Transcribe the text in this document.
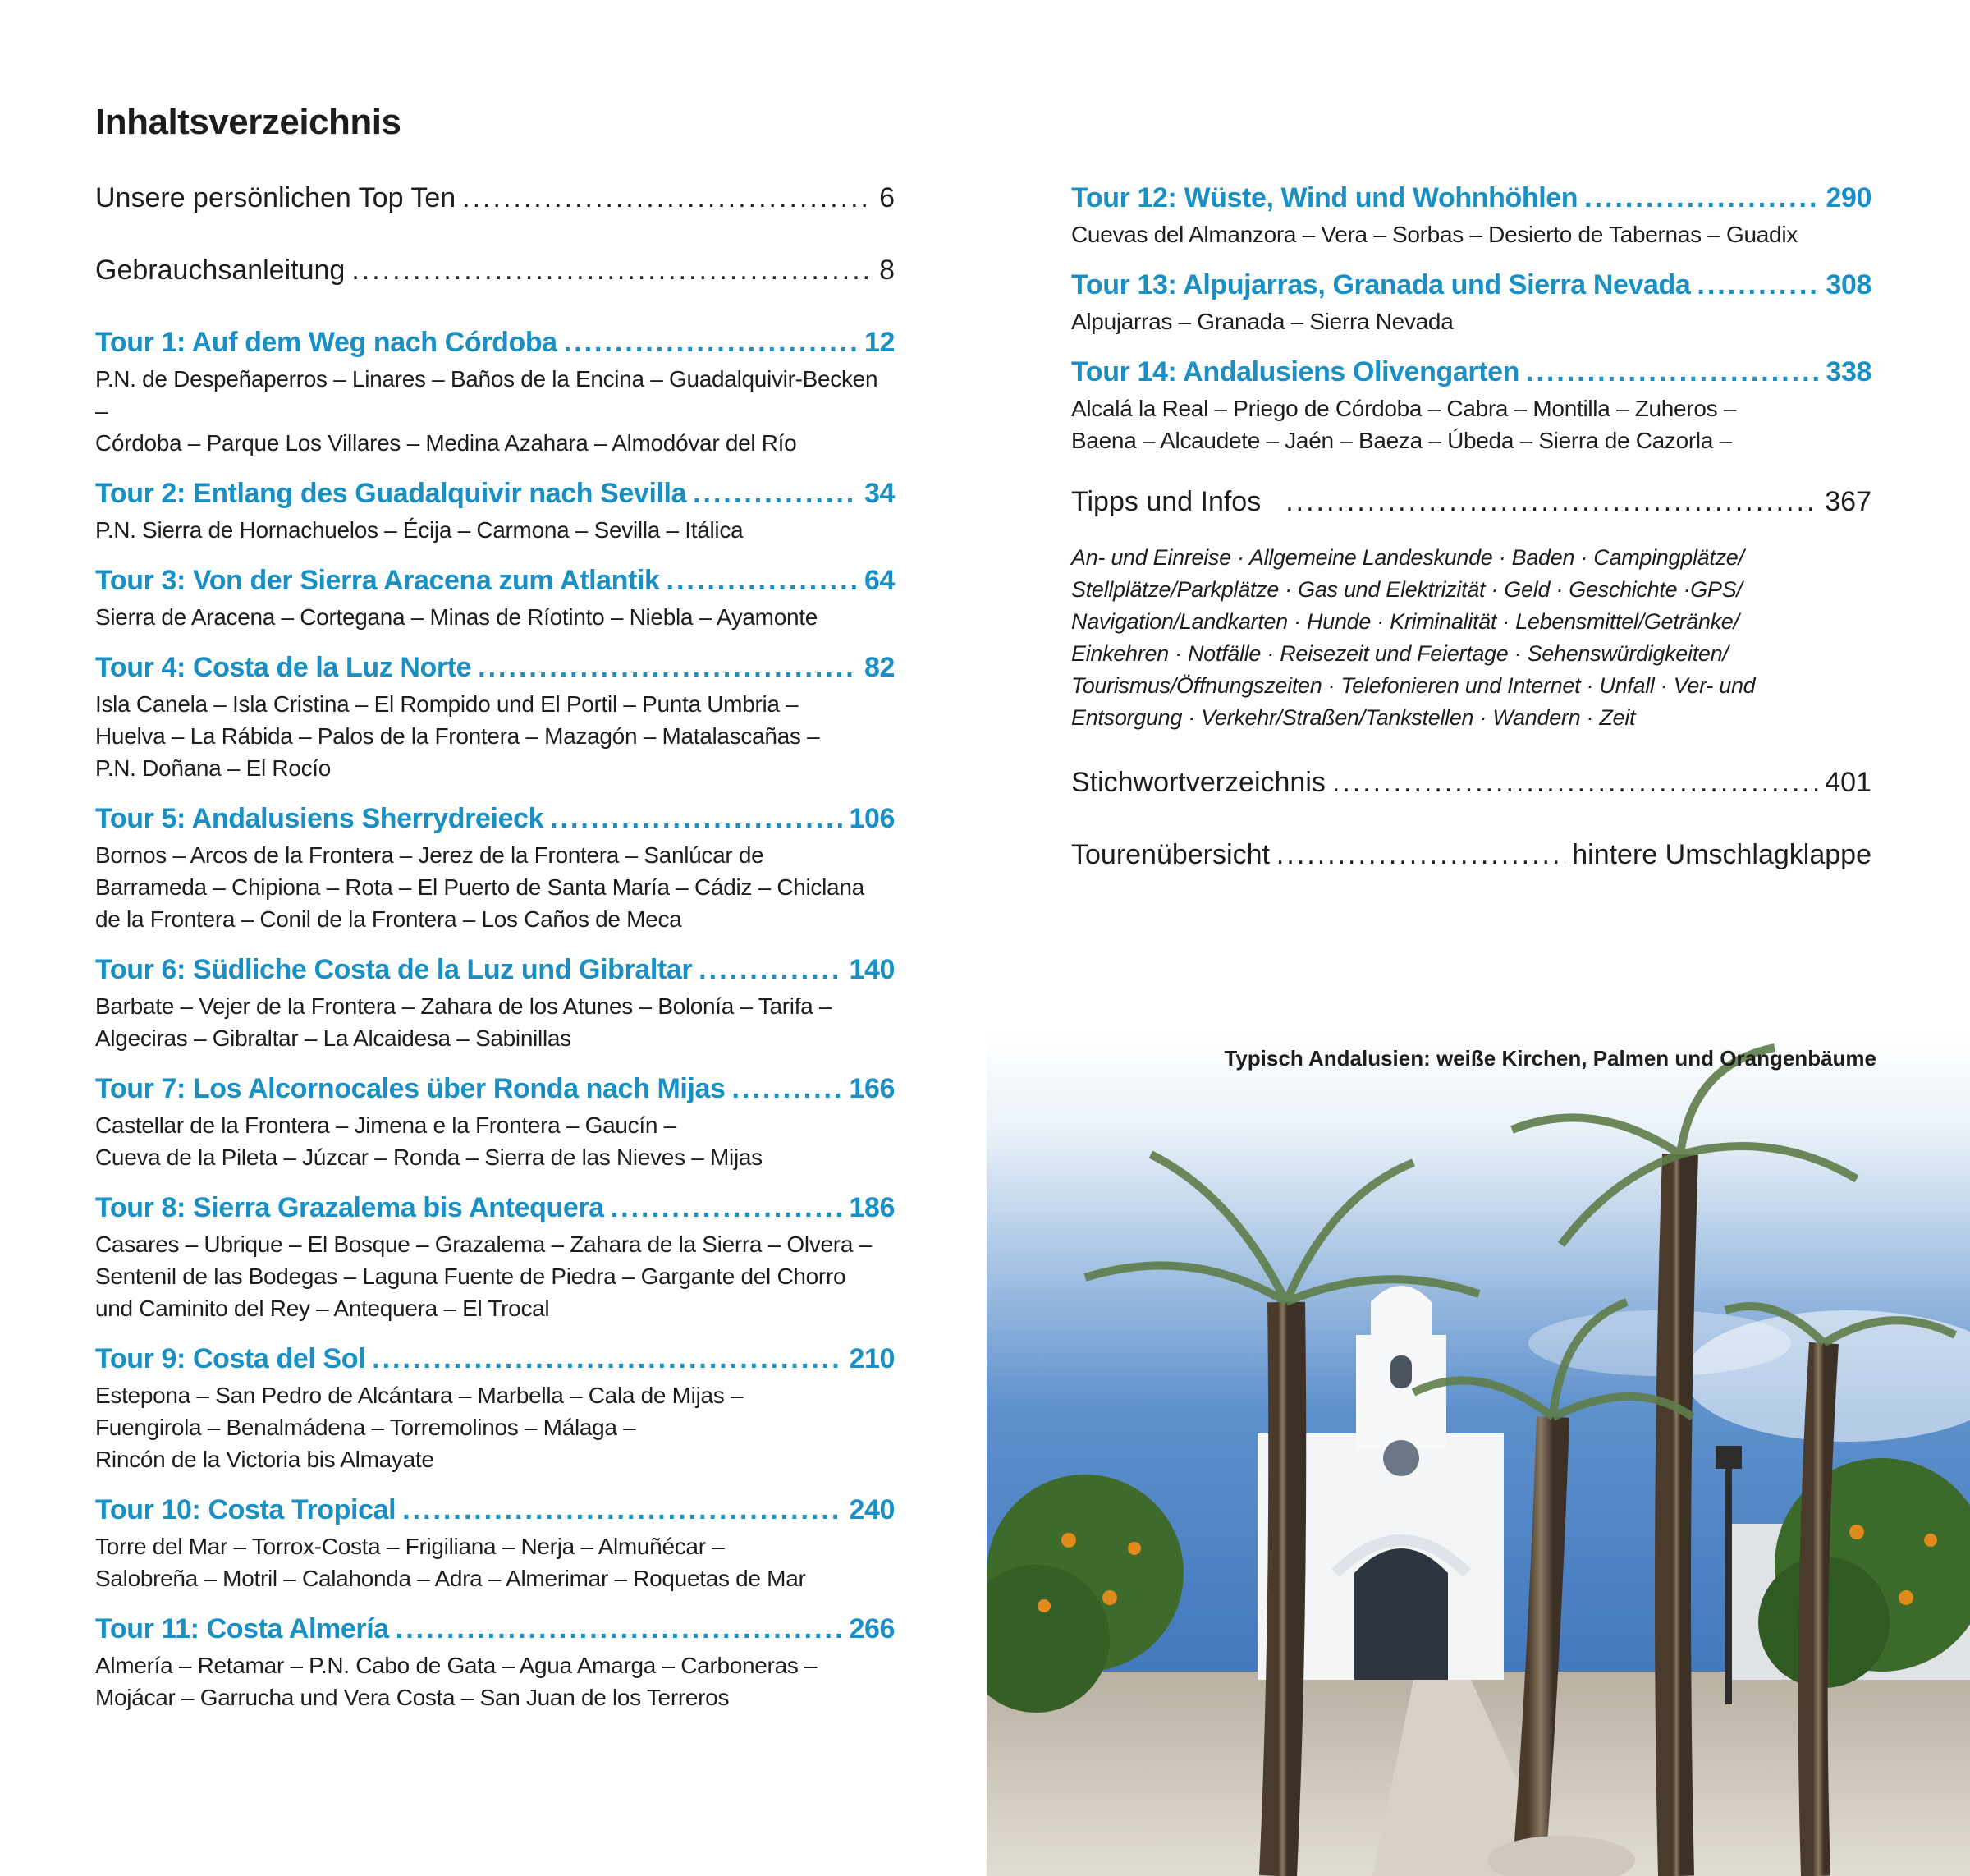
Inhaltsverzeichnis
Unsere persönlichen Top Ten .....	6
Gebrauchsanleitung .....	8
Tour 1: Auf dem Weg nach Córdoba .....	12
P.N. de Despeñaperros – Linares – Baños de la Encina – Guadalquivir-Becken –
Córdoba – Parque Los Villares – Medina Azahara – Almodóvar del Río
Tour 2: Entlang des Guadalquivir nach Sevilla .....	34
P.N. Sierra de Hornachuelos – Écija – Carmona – Sevilla – Itálica
Tour 3: Von der Sierra Aracena zum Atlantik .....	64
Sierra de Aracena – Cortegana – Minas de Ríotinto – Niebla – Ayamonte
Tour 4: Costa de la Luz Norte .....	82
Isla Canela – Isla Cristina – El Rompido und El Portil – Punta Umbria –
Huelva – La Rábida – Palos de la Frontera – Mazagón – Matalascañas –
P.N. Doñana – El Rocío
Tour 5: Andalusiens Sherrydreieck .....	106
Bornos – Arcos de la Frontera – Jerez de la Frontera – Sanlúcar de
Barrameda – Chipiona – Rota – El Puerto de Santa María – Cádiz – Chiclana
de la Frontera – Conil de la Frontera – Los Caños de Meca
Tour 6: Südliche Costa de la Luz und Gibraltar .....	140
Barbate – Vejer de la Frontera – Zahara de los Atunes – Bolonía – Tarifa –
Algeciras – Gibraltar – La Alcaidesa – Sabinillas
Tour 7: Los Alcornocales über Ronda nach Mijas .....	166
Castellar de la Frontera – Jimena e la Frontera – Gaucín –
Cueva de la Pileta – Júzcar – Ronda – Sierra de las Nieves – Mijas
Tour 8: Sierra Grazalema bis Antequera .....	186
Casares – Ubrique – El Bosque – Grazalema – Zahara de la Sierra – Olvera –
Sentenil de las Bodegas – Laguna Fuente de Piedra – Gargante del Chorro
und Caminito del Rey – Antequera – El Trocal
Tour 9: Costa del Sol .....	210
Estepona – San Pedro de Alcántara – Marbella – Cala de Mijas –
Fuengirola – Benalmádena – Torremolinos – Málaga –
Rincón de la Victoria bis Almayate
Tour 10: Costa Tropical .....	240
Torre del Mar – Torrox-Costa – Frigiliana – Nerja – Almuñécar –
Salobreña – Motril – Calahonda – Adra – Almerimar – Roquetas de Mar
Tour 11: Costa Almería .....	266
Almería – Retamar – P.N. Cabo de Gata – Agua Amarga – Carboneras –
Mojácar – Garrucha und Vera Costa – San Juan de los Terreros
Tour 12: Wüste, Wind und Wohnhöhlen .....	290
Cuevas del Almanzora – Vera – Sorbas – Desierto de Tabernas – Guadix
Tour 13: Alpujarras, Granada und Sierra Nevada .....	308
Alpujarras – Granada – Sierra Nevada
Tour 14: Andalusiens Olivengarten .....	338
Alcalá la Real – Priego de Córdoba – Cabra – Montilla – Zuheros –
Baena – Alcaudete – Jaén – Baeza – Úbeda – Sierra de Cazorla –
Tipps und Infos .....	367
An- und Einreise · Allgemeine Landeskunde · Baden · Campingplätze/
Stellplätze/Parkplätze · Gas und Elektrizität · Geld · Geschichte ·GPS/
Navigation/Landkarten · Hunde · Kriminalität · Lebensmittel/Getränke/
Einkehren · Notfälle · Reisezeit und Feiertage · Sehenswürdigkeiten/
Tourismus/Öffnungszeiten · Telefonieren und Internet · Unfall · Ver- und
Entsorgung · Verkehr/Straßen/Tankstellen · Wandern · Zeit
Stichwortverzeichnis .....	401
Tourenübersicht .....	hintere Umschlagklappe
Typisch Andalusien: weiße Kirchen, Palmen und Orangenbäume
